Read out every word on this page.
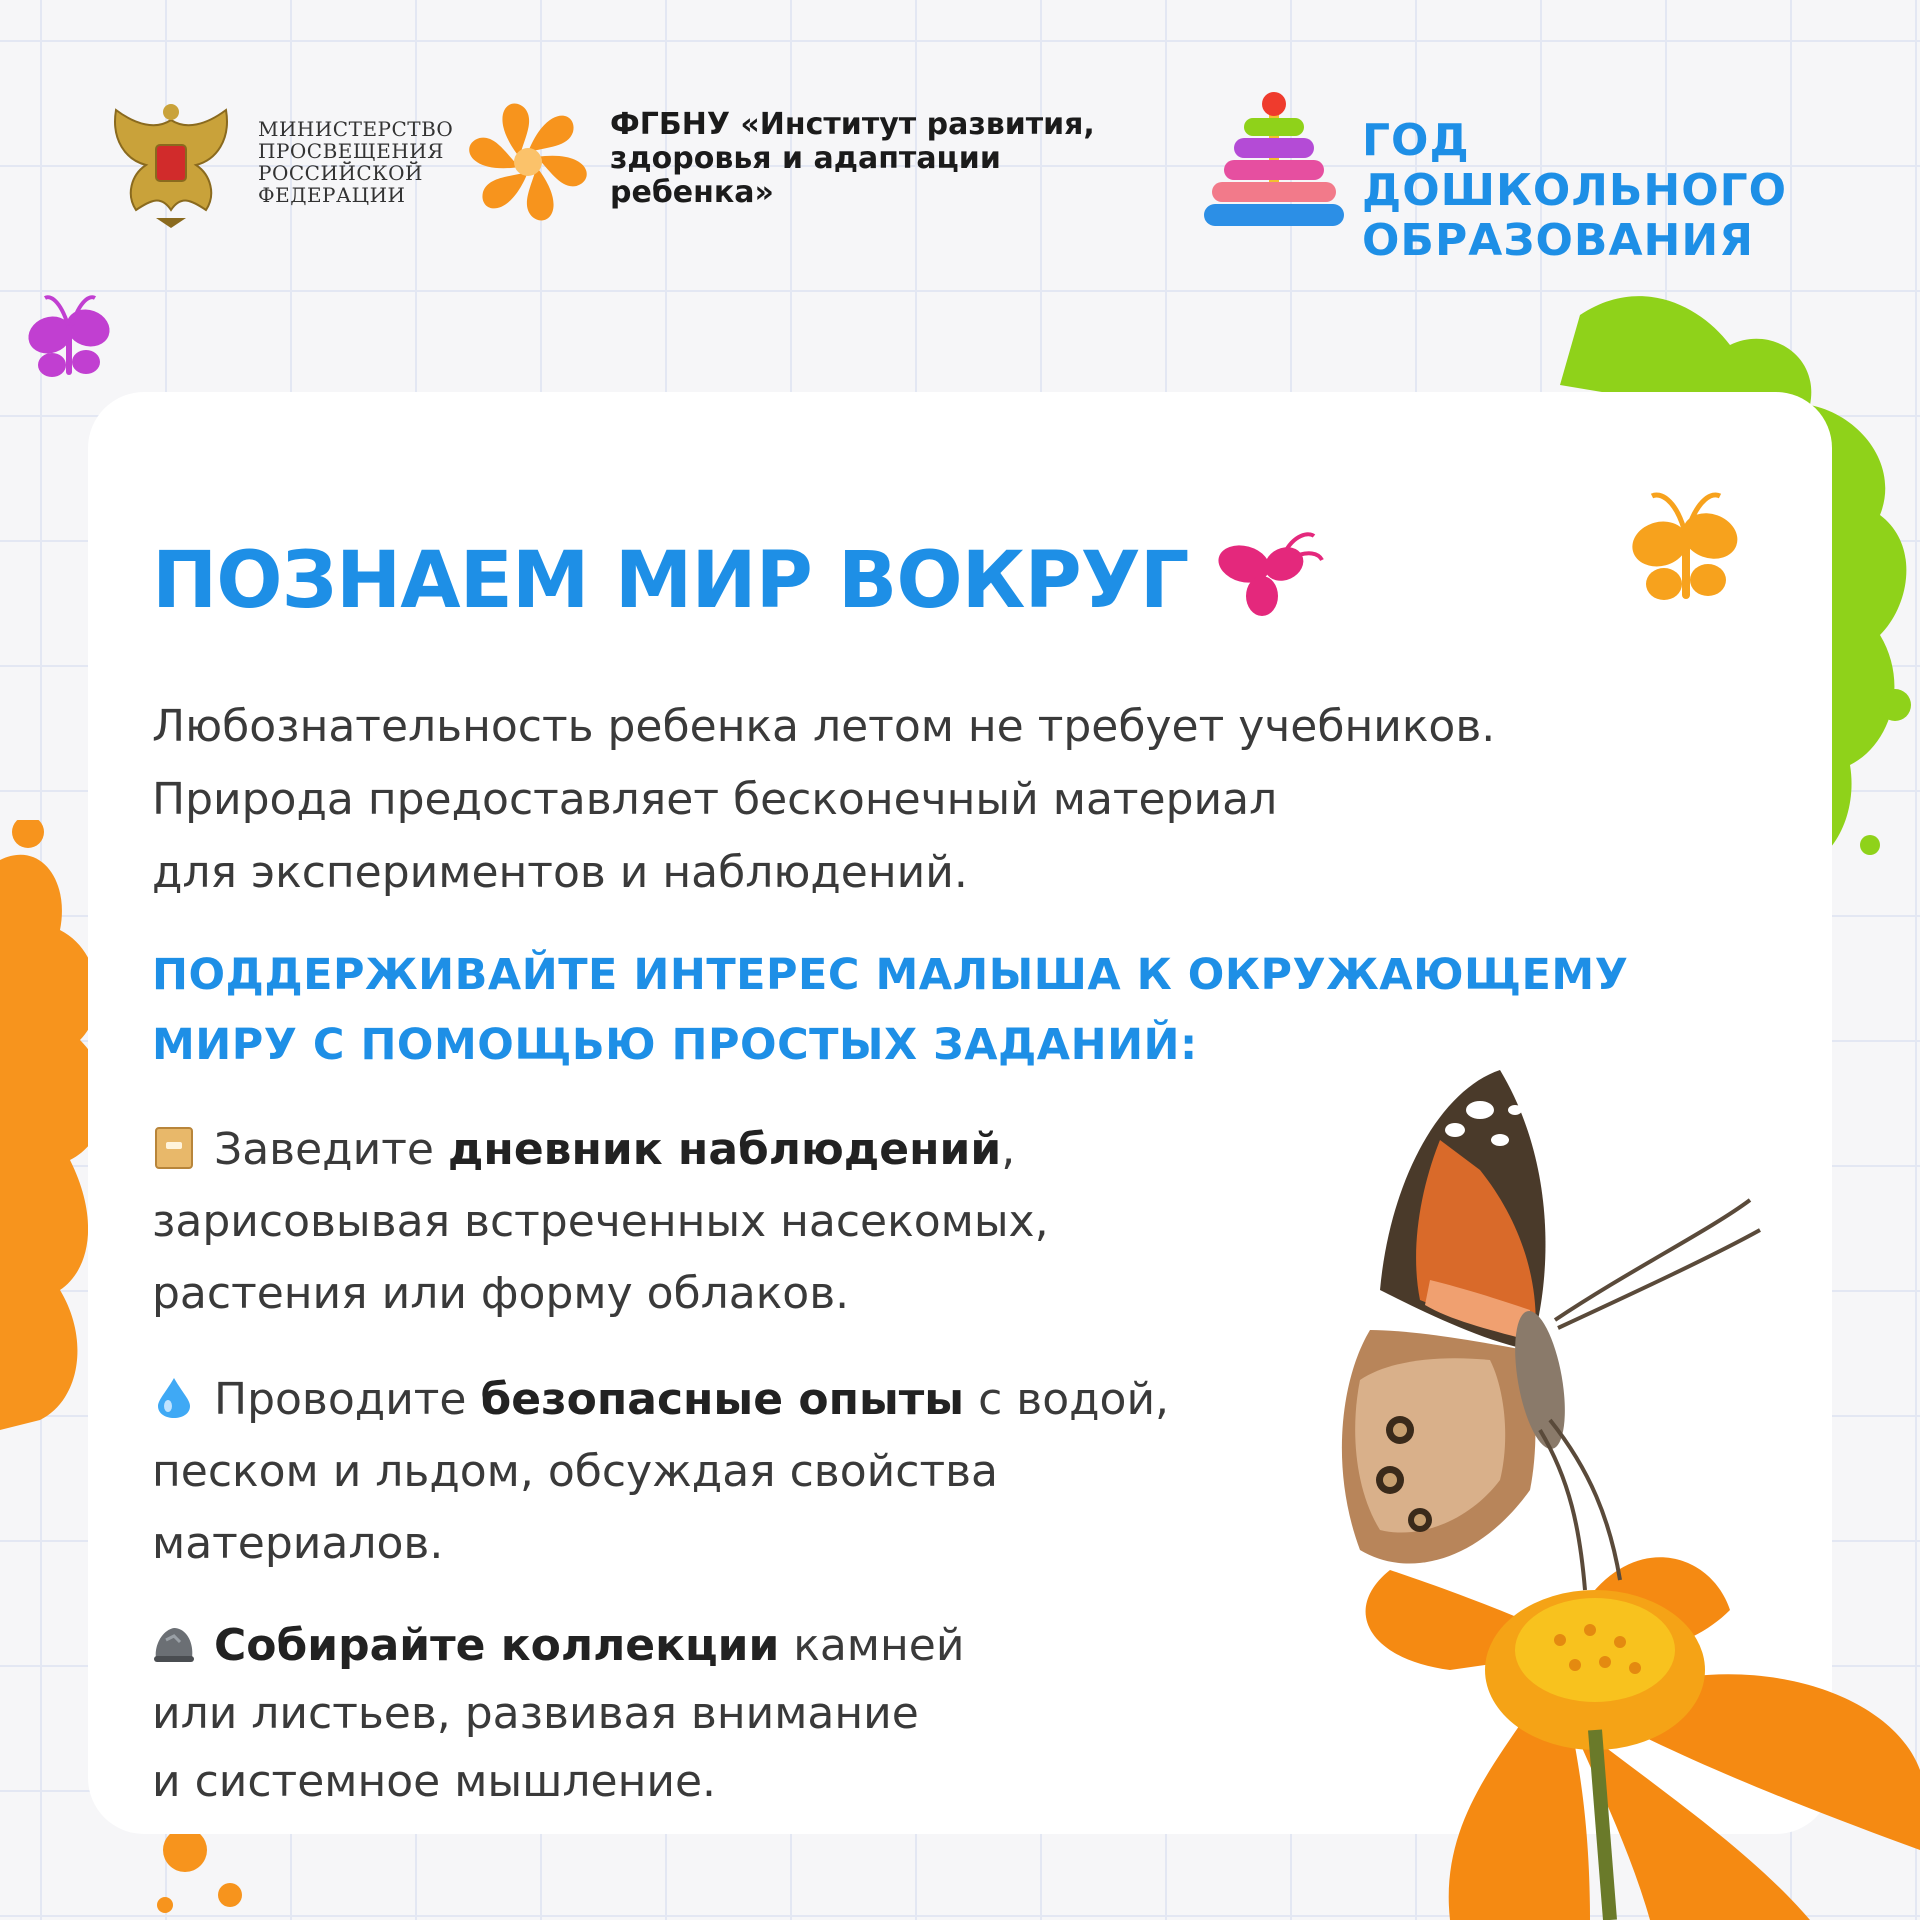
МИНИСТЕРСТВО
ПРОСВЕЩЕНИЯ
РОССИЙСКОЙ
ФЕДЕРАЦИИ
ФГБНУ «Институт развития,
здоровья и адаптации
ребенка»
ГОД ДОШКОЛЬНОГО
ОБРАЗОВАНИЯ
ПОЗНАЕМ МИР ВОКРУГ
Любознательность ребенка летом не требует учебников.
Природа предоставляет бесконечный материал
для экспериментов и наблюдений.
ПОДДЕРЖИВАЙТЕ ИНТЕРЕС МАЛЫША К ОКРУЖАЮЩЕМУ
МИРУ С ПОМОЩЬЮ ПРОСТЫХ ЗАДАНИЙ:
Заведите дневник наблюдений,
зарисовывая встреченных насекомых,
растения или форму облаков.
Проводите безопасные опыты с водой,
песком и льдом, обсуждая свойства
материалов.
Собирайте коллекции камней
или листьев, развивая внимание
и системное мышление.
